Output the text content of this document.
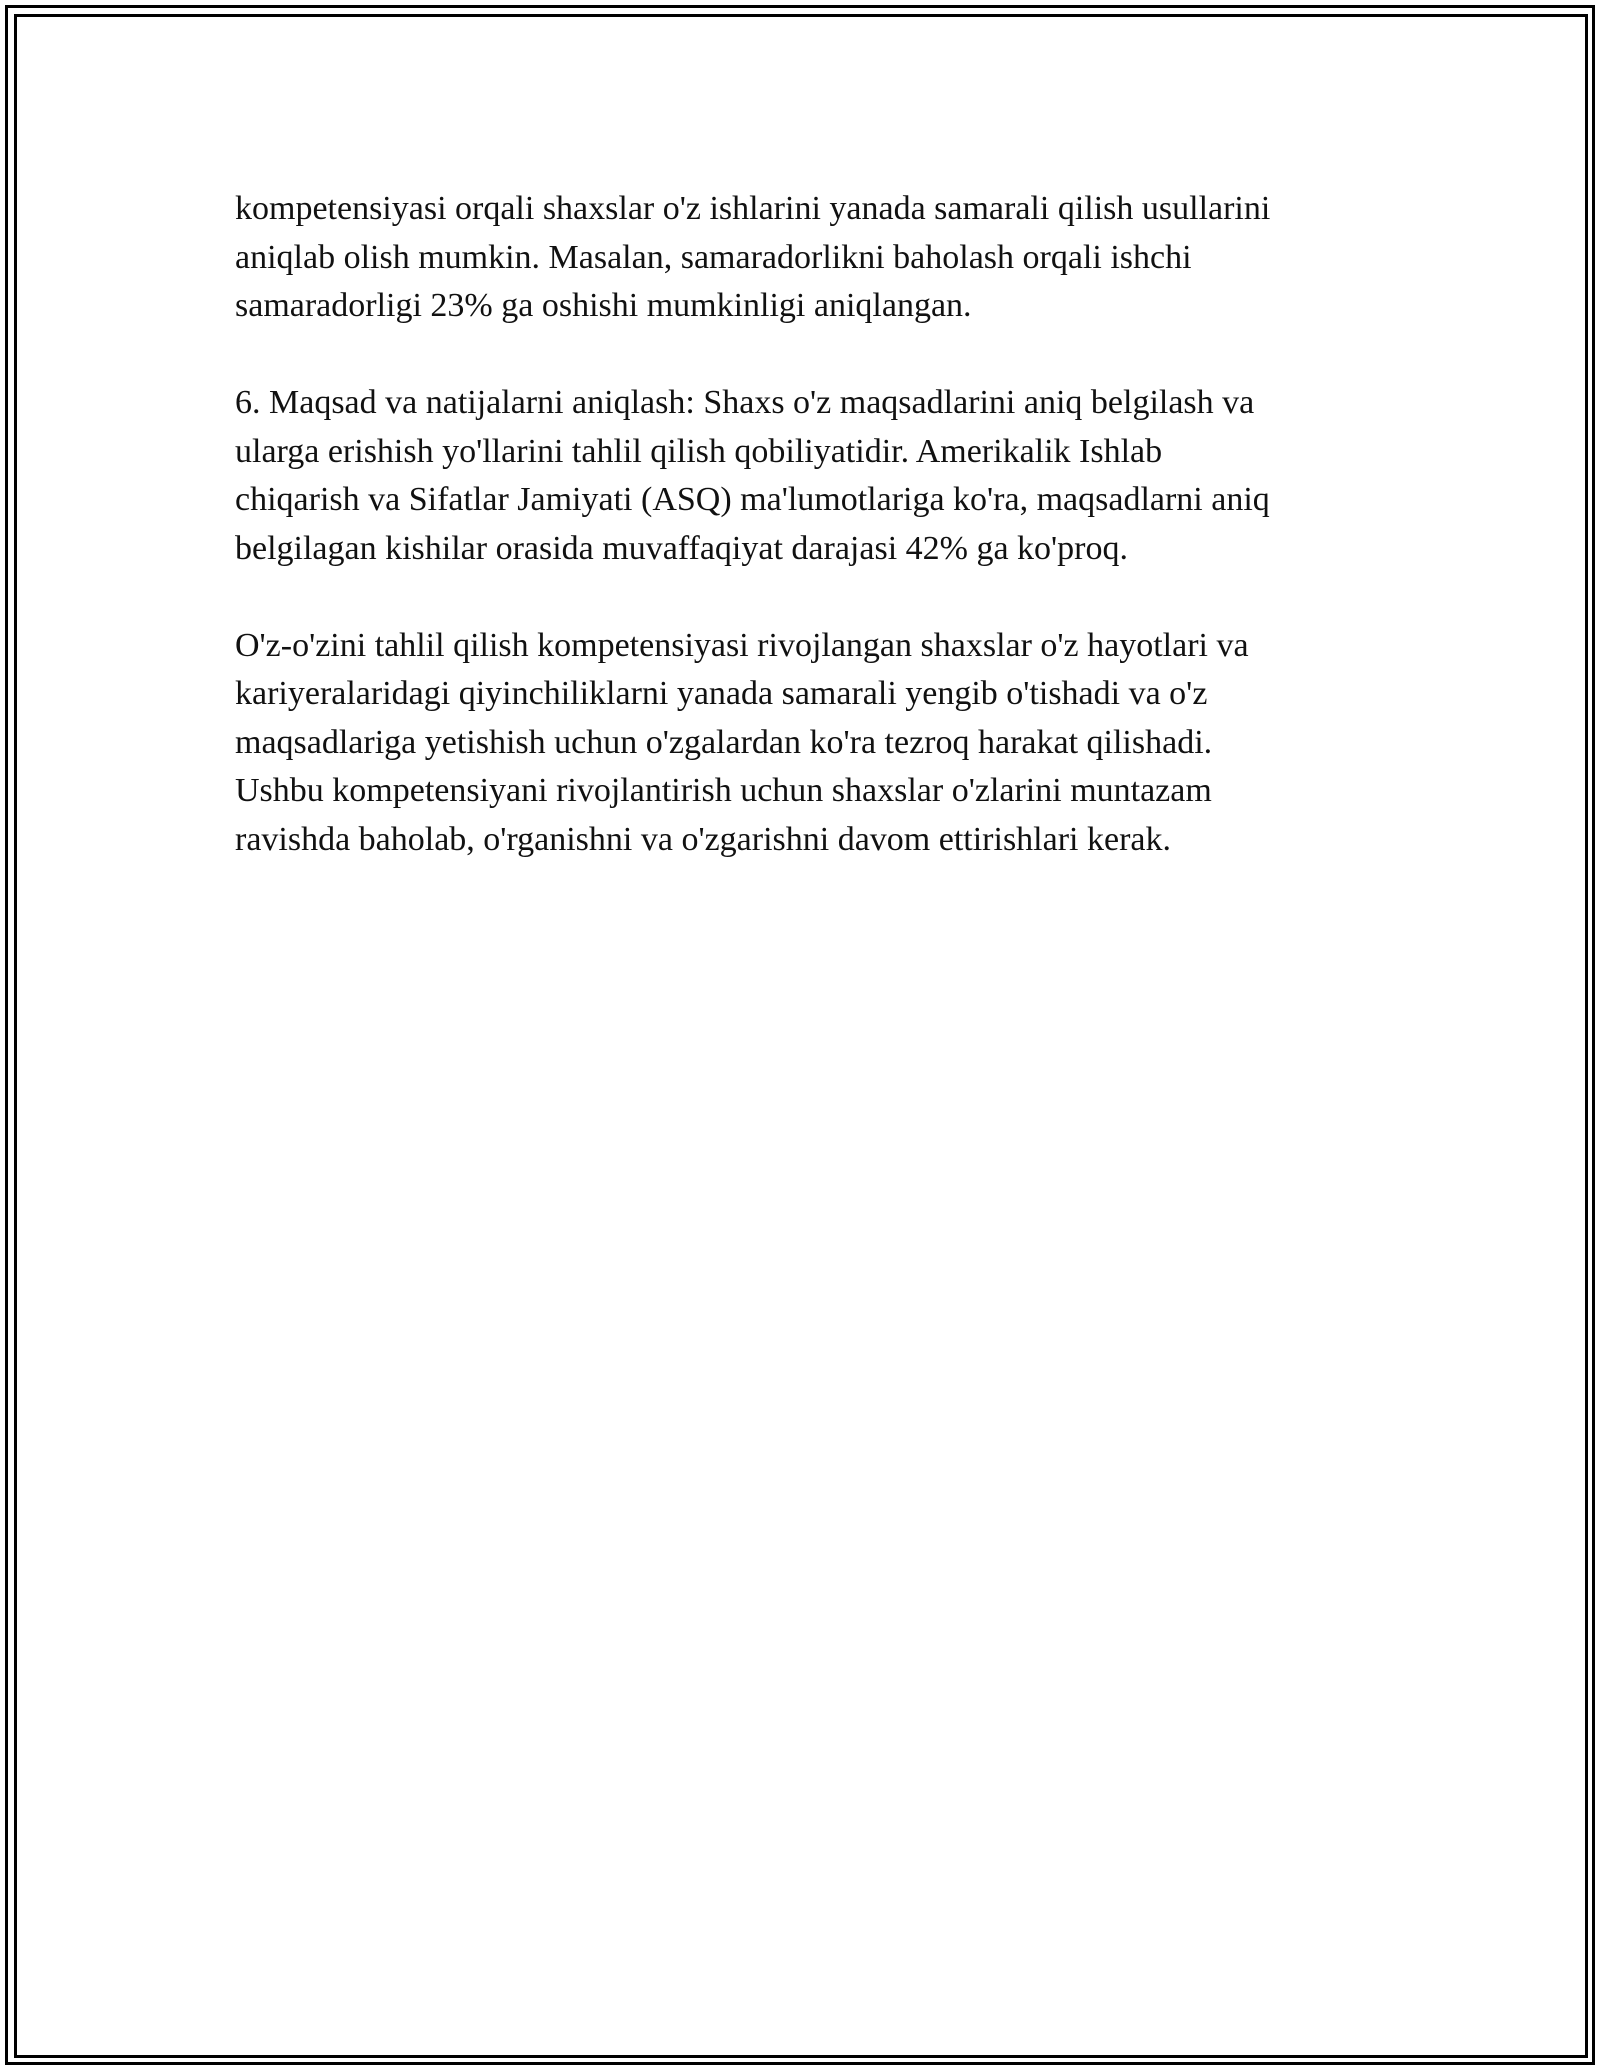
kompetensiyasi orqali shaxslar o'z ishlarini yanada samarali qilish usullarini
aniqlab olish mumkin. Masalan, samaradorlikni baholash orqali ishchi
samaradorligi 23% ga oshishi mumkinligi aniqlangan.

6. Maqsad va natijalarni aniqlash: Shaxs o'z maqsadlarini aniq belgilash va
ularga erishish yo'llarini tahlil qilish qobiliyatidir. Amerikalik Ishlab
chiqarish va Sifatlar Jamiyati (ASQ) ma'lumotlariga ko'ra, maqsadlarni aniq
belgilagan kishilar orasida muvaffaqiyat darajasi 42% ga ko'proq.

O'z-o'zini tahlil qilish kompetensiyasi rivojlangan shaxslar o'z hayotlari va
kariyeralaridagi qiyinchiliklarni yanada samarali yengib o'tishadi va o'z
maqsadlariga yetishish uchun o'zgalardan ko'ra tezroq harakat qilishadi.
Ushbu kompetensiyani rivojlantirish uchun shaxslar o'zlarini muntazam
ravishda baholab, o'rganishni va o'zgarishni davom ettirishlari kerak.
